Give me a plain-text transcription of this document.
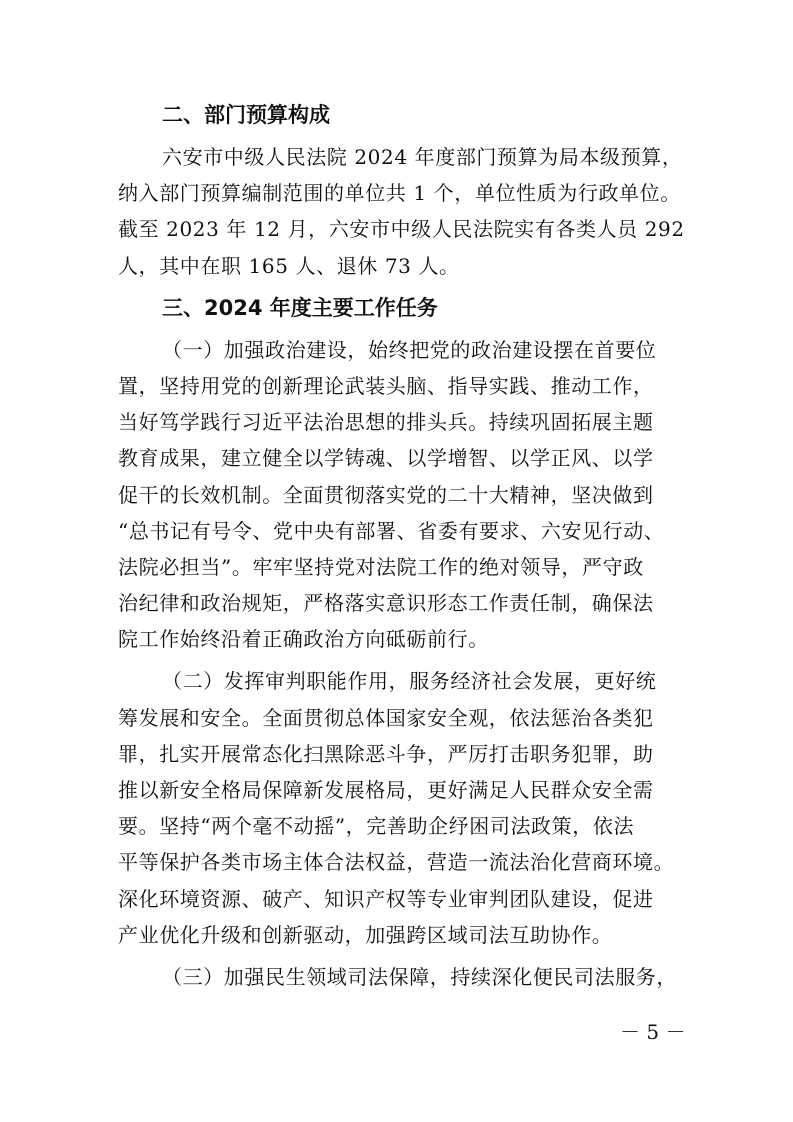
二、部门预算构成
六安市中级人民法院 2024 年度部门预算为局本级预算，
纳入部门预算编制范围的单位共 1 个，单位性质为行政单位。
截至 2023 年 12 月，六安市中级人民法院实有各类人员 292
人，其中在职 165 人、退休 73 人。
三、2024 年度主要工作任务
（一）加强政治建设，始终把党的政治建设摆在首要位
置，坚持用党的创新理论武装头脑、指导实践、推动工作，
当好笃学践行习近平法治思想的排头兵。持续巩固拓展主题
教育成果，建立健全以学铸魂、以学增智、以学正风、以学
促干的长效机制。全面贯彻落实党的二十大精神，坚决做到
“总书记有号令、党中央有部署、省委有要求、六安见行动、
法院必担当”。牢牢坚持党对法院工作的绝对领导，严守政
治纪律和政治规矩，严格落实意识形态工作责任制，确保法
院工作始终沿着正确政治方向砥砺前行。
（二）发挥审判职能作用，服务经济社会发展，更好统
筹发展和安全。全面贯彻总体国家安全观，依法惩治各类犯
罪，扎实开展常态化扫黑除恶斗争，严厉打击职务犯罪，助
推以新安全格局保障新发展格局，更好满足人民群众安全需
要。坚持“两个毫不动摇”，完善助企纾困司法政策，依法
平等保护各类市场主体合法权益，营造一流法治化营商环境。
深化环境资源、破产、知识产权等专业审判团队建设，促进
产业优化升级和创新驱动，加强跨区域司法互助协作。
（三）加强民生领域司法保障，持续深化便民司法服务，
－ 5 －
